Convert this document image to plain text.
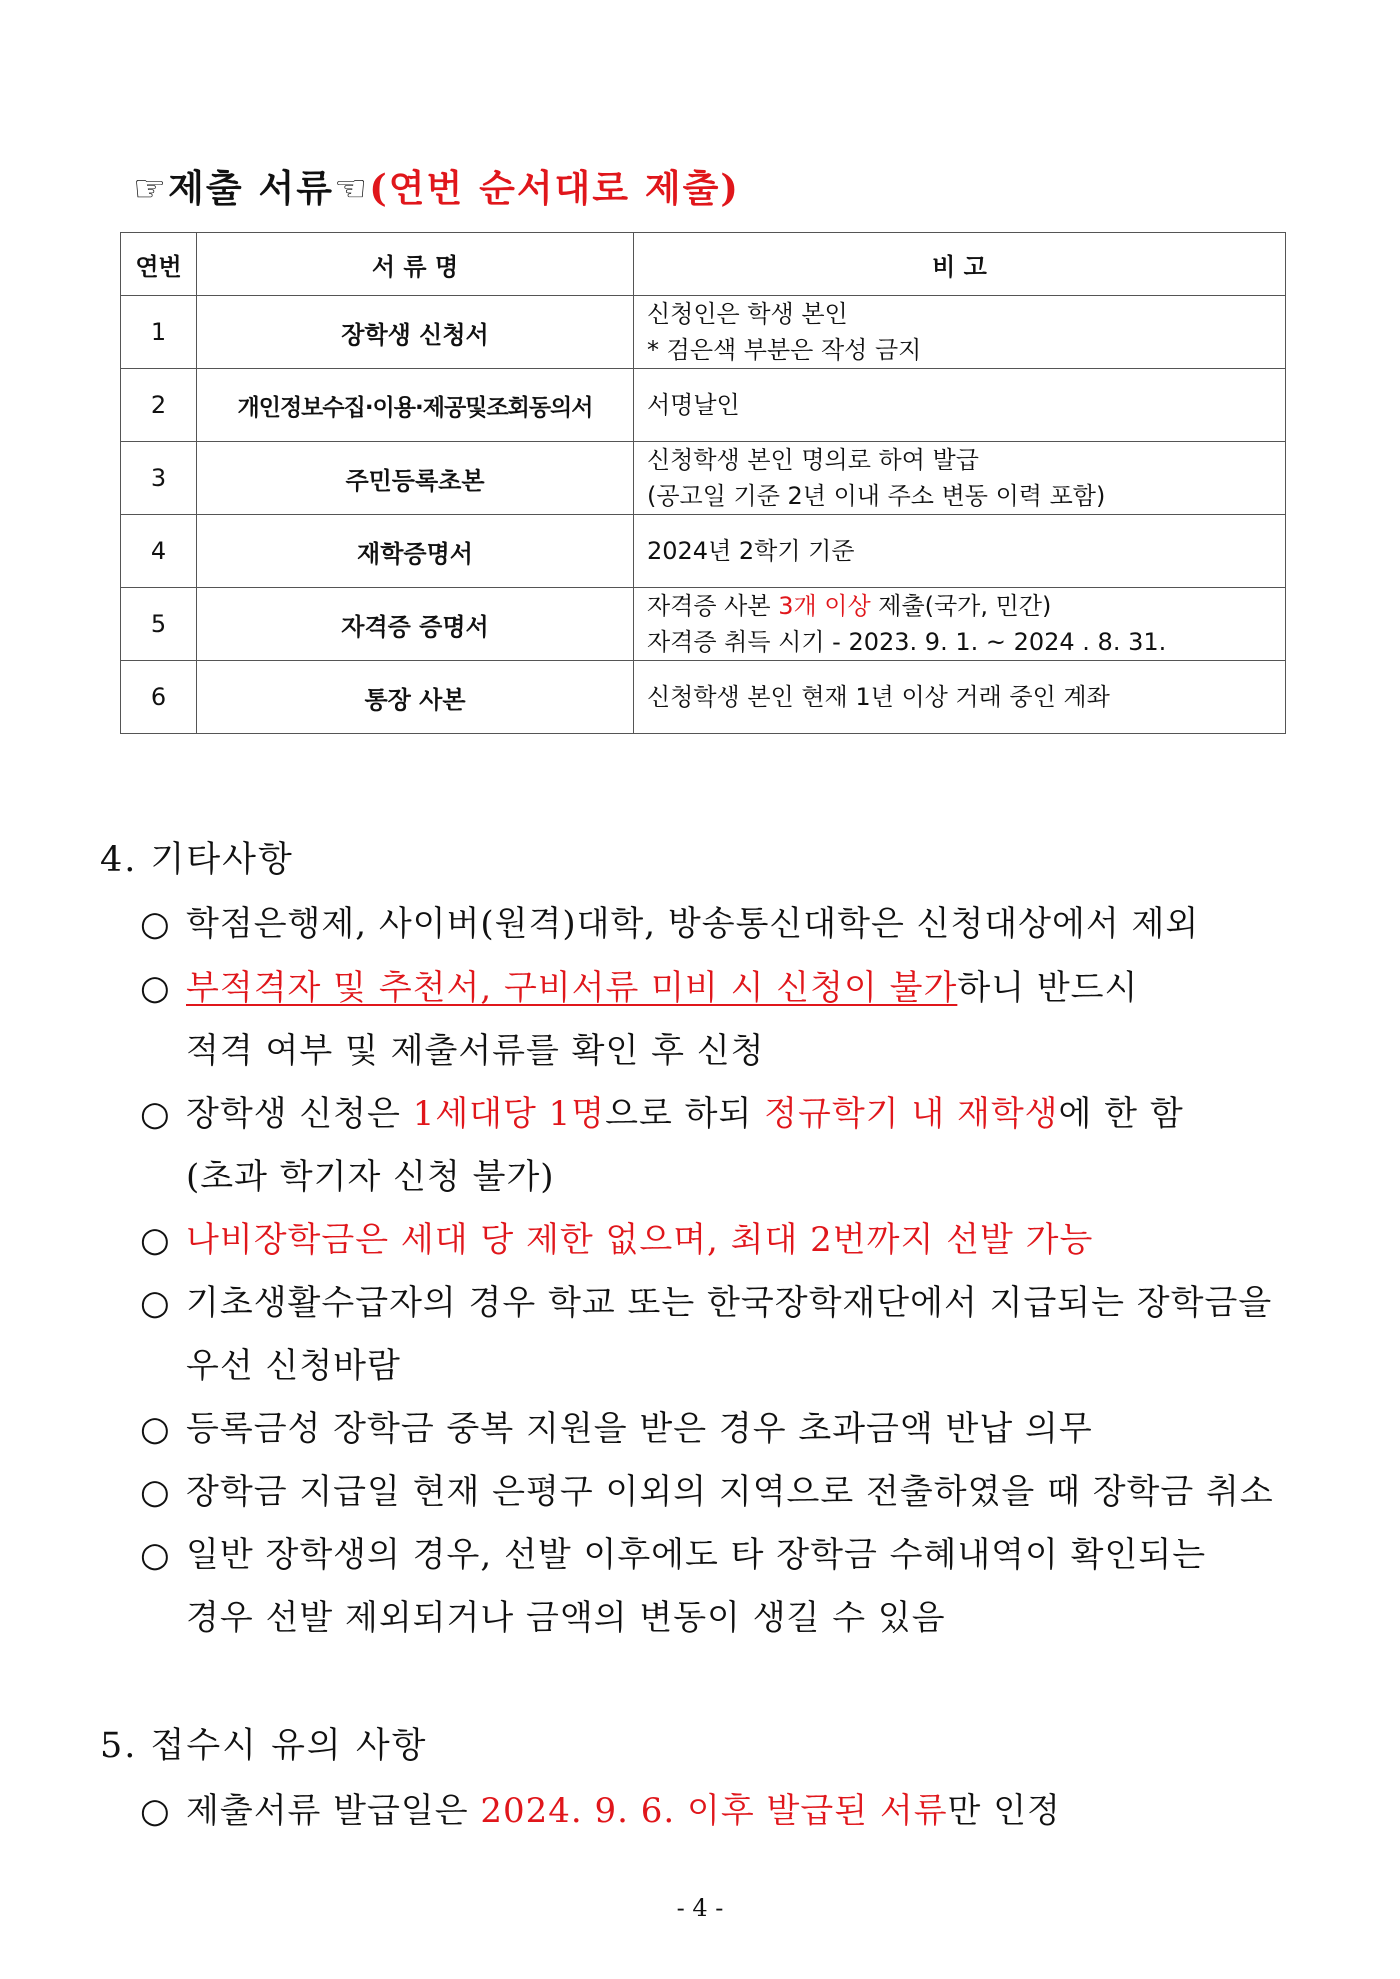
☞제출 서류☜(연번 순서대로 제출)
연번	서 류 명	비 고
1	장학생 신청서	신청인은 학생 본인
* 검은색 부분은 작성 금지

2	개인정보수집·이용·제공및조회동의서	서명날인

3	주민등록초본	신청학생 본인 명의로 하여 발급
(공고일 기준 2년 이내 주소 변동 이력 포함)

4	재학증명서	2024년 2학기 기준

5	자격증 증명서	자격증 사본 3개 이상 제출(국가, 민간)
자격증 취득 시기 - 2023. 9. 1. ~ 2024 . 8. 31.

6	통장 사본	신청학생 본인 현재 1년 이상 거래 중인 계좌
4. 기타사항
○ 학점은행제, 사이버(원격)대학, 방송통신대학은 신청대상에서 제외
○ 부적격자 및 추천서, 구비서류 미비 시 신청이 불가하니 반드시
적격 여부 및 제출서류를 확인 후 신청
○ 장학생 신청은 1세대당 1명으로 하되 정규학기 내 재학생에 한 함
(초과 학기자 신청 불가)
○ 나비장학금은 세대 당 제한 없으며, 최대 2번까지 선발 가능
○ 기초생활수급자의 경우 학교 또는 한국장학재단에서 지급되는 장학금을
우선 신청바람
○ 등록금성 장학금 중복 지원을 받은 경우 초과금액 반납 의무
○ 장학금 지급일 현재 은평구 이외의 지역으로 전출하였을 때 장학금 취소
○ 일반 장학생의 경우, 선발 이후에도 타 장학금 수혜내역이 확인되는
경우 선발 제외되거나 금액의 변동이 생길 수 있음
5. 접수시 유의 사항
○ 제출서류 발급일은 2024. 9. 6. 이후 발급된 서류만 인정
- 4 -
